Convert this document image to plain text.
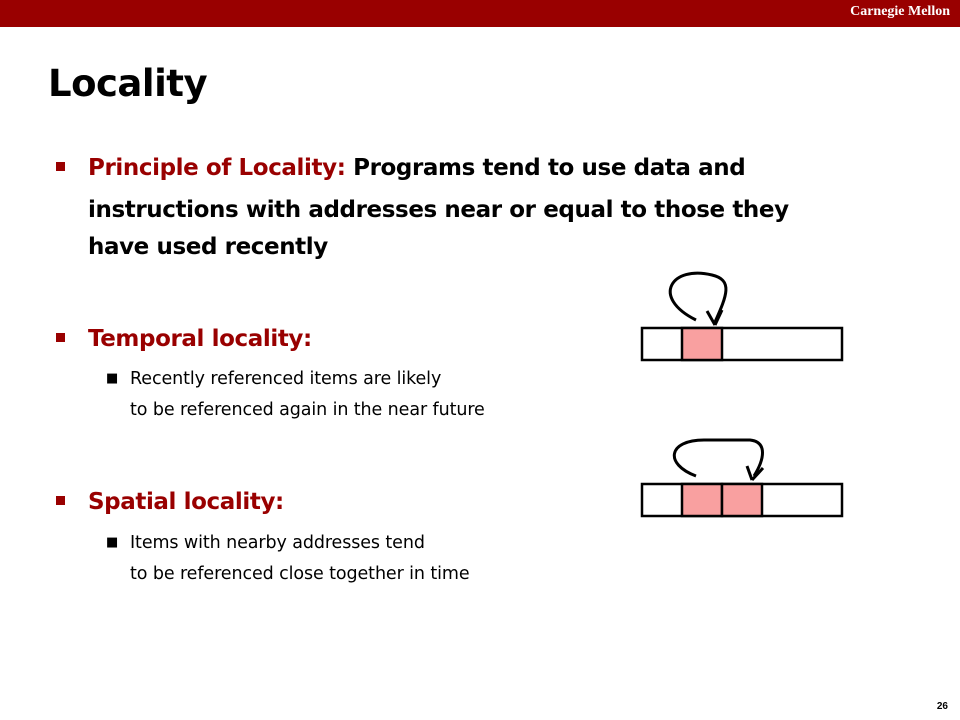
Carnegie Mellon
Locality
Principle of Locality: Programs tend to use data and
instructions with addresses near or equal to those they
have used recently
Temporal locality:
■ Recently referenced items are likely
to be referenced again in the near future
Spatial locality:
■ Items with nearby addresses tend
to be referenced close together in time
26
